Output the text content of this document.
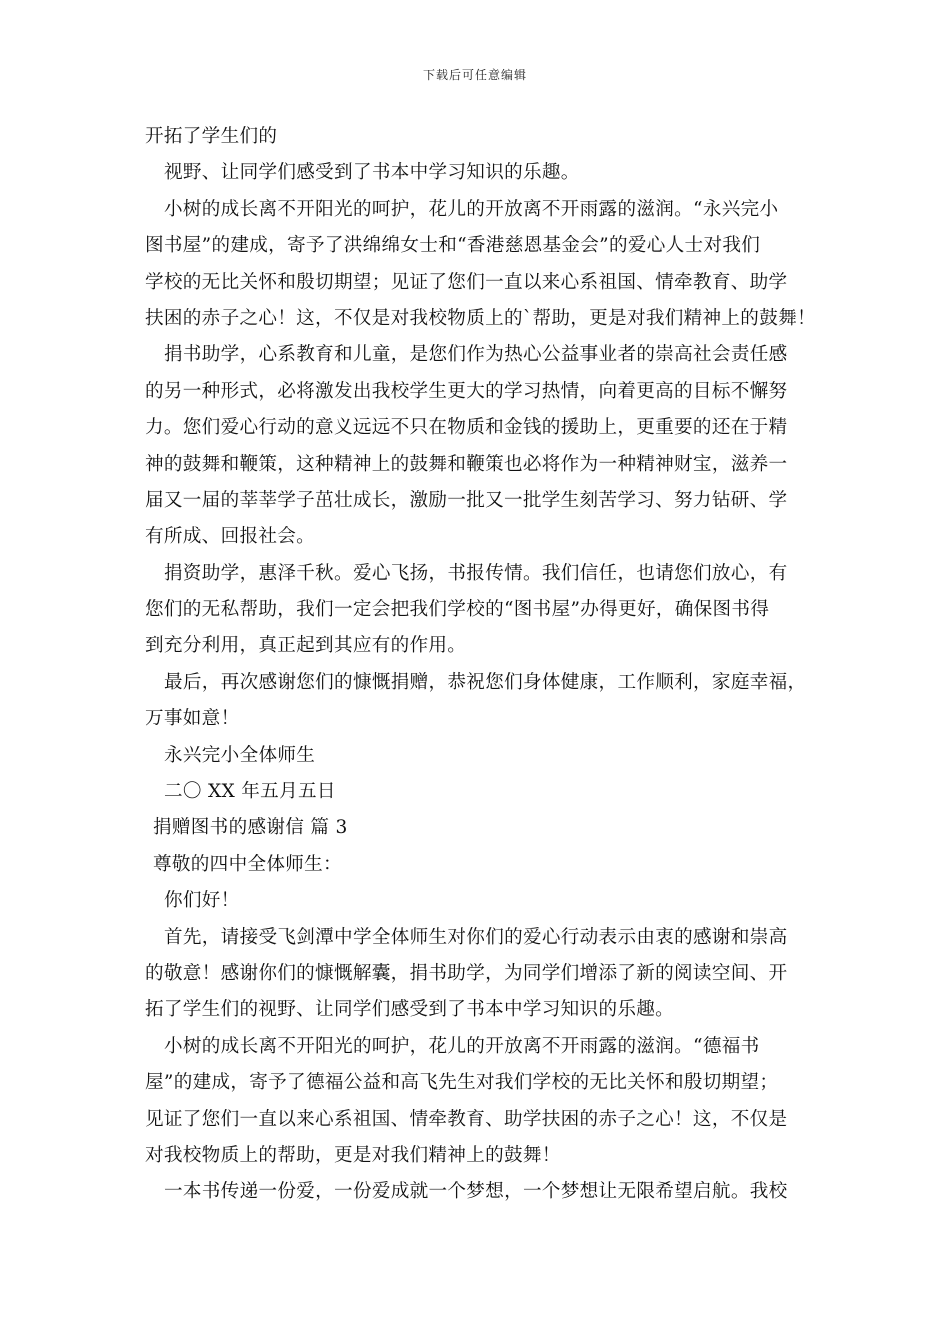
下载后可任意编辑
开拓了学生们的
视野、让同学们感受到了书本中学习知识的乐趣。
小树的成长离不开阳光的呵护，花儿的开放离不开雨露的滋润。“永兴完小
图书屋”的建成，寄予了洪绵绵女士和“香港慈恩基金会”的爱心人士对我们
学校的无比关怀和殷切期望；见证了您们一直以来心系祖国、情牵教育、助学
扶困的赤子之心！这，不仅是对我校物质上的`帮助，更是对我们精神上的鼓舞！
捐书助学，心系教育和儿童，是您们作为热心公益事业者的崇高社会责任感
的另一种形式，必将激发出我校学生更大的学习热情，向着更高的目标不懈努
力。您们爱心行动的意义远远不只在物质和金钱的援助上，更重要的还在于精
神的鼓舞和鞭策，这种精神上的鼓舞和鞭策也必将作为一种精神财宝，滋养一
届又一届的莘莘学子茁壮成长，激励一批又一批学生刻苦学习、努力钻研、学
有所成、回报社会。
捐资助学，惠泽千秋。爱心飞扬，书报传情。我们信任，也请您们放心，有
您们的无私帮助，我们一定会把我们学校的“图书屋”办得更好，确保图书得
到充分利用，真正起到其应有的作用。
最后，再次感谢您们的慷慨捐赠，恭祝您们身体健康，工作顺利，家庭幸福，
万事如意！
永兴完小全体师生
二〇 XX 年五月五日
捐赠图书的感谢信 篇 3
尊敬的四中全体师生：
你们好！
首先，请接受飞剑潭中学全体师生对你们的爱心行动表示由衷的感谢和崇高
的敬意！感谢你们的慷慨解囊，捐书助学，为同学们增添了新的阅读空间、开
拓了学生们的视野、让同学们感受到了书本中学习知识的乐趣。
小树的成长离不开阳光的呵护，花儿的开放离不开雨露的滋润。“德福书
屋”的建成，寄予了德福公益和高飞先生对我们学校的无比关怀和殷切期望；
见证了您们一直以来心系祖国、情牵教育、助学扶困的赤子之心！这，不仅是
对我校物质上的帮助，更是对我们精神上的鼓舞！
一本书传递一份爱，一份爱成就一个梦想，一个梦想让无限希望启航。我校
